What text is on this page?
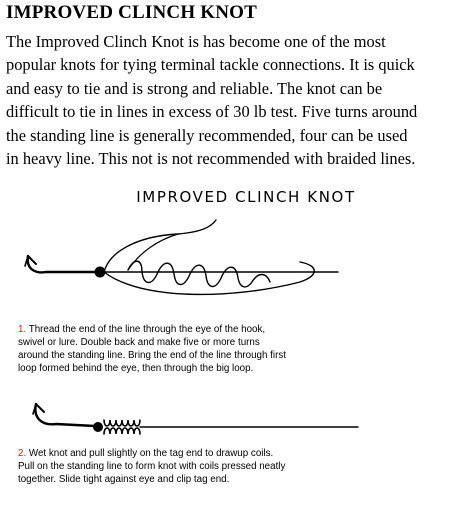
IMPROVED CLINCH KNOT
The Improved Clinch Knot is has become one of the most
popular knots for tying terminal tackle connections. It is quick
and easy to tie and is strong and reliable. The knot can be
difficult to tie in lines in excess of 30 lb test. Five turns around
the standing line is generally recommended, four can be used
in heavy line. This not is not recommended with braided lines.
IMPROVED CLINCH KNOT
1. Thread the end of the line through the eye of the hook,
swivel or lure. Double back and make five or more turns
around the standing line. Bring the end of the line through first
loop formed behind the eye, then through the big loop.
2. Wet knot and pull slightly on the tag end to drawup coils.
Pull on the standing line to form knot with coils pressed neatly
together. Slide tight against eye and clip tag end.
